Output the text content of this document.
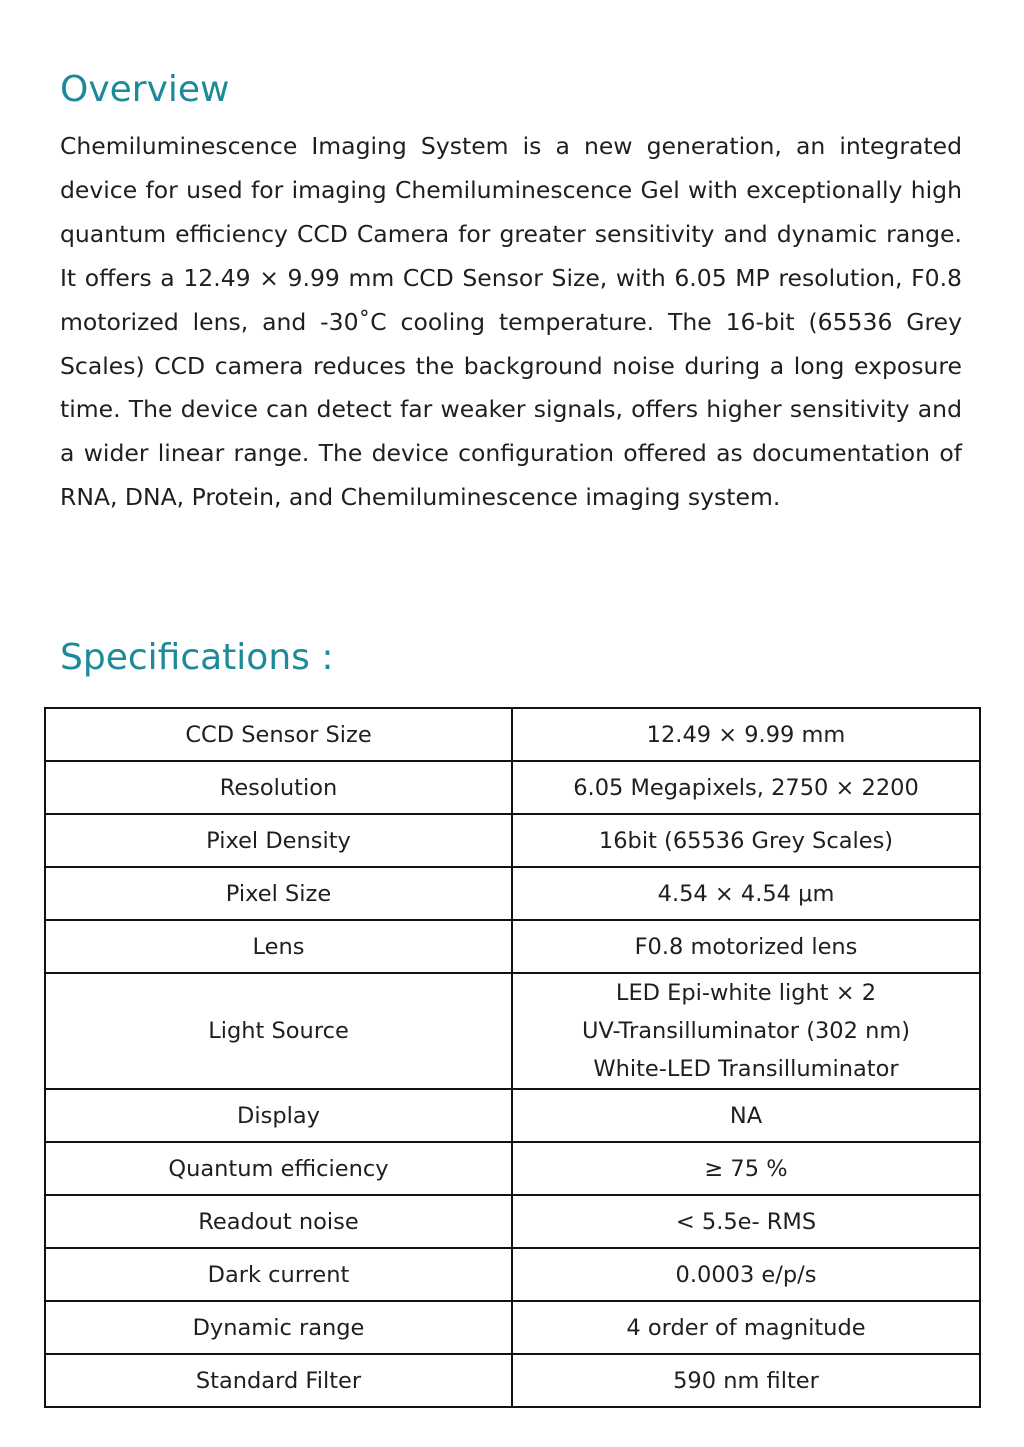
Overview

Chemiluminescence Imaging System is a new generation, an integrated device for used for imaging Chemiluminescence Gel with exceptionally high quantum efficiency CCD Camera for greater sensitivity and dynamic range. It offers a 12.49 × 9.99 mm CCD Sensor Size, with 6.05 MP resolution, F0.8 motorized lens, and -30˚C cooling temperature. The 16-bit (65536 Grey Scales) CCD camera reduces the background noise during a long exposure time. The device can detect far weaker signals, offers higher sensitivity and a wider linear range. The device configuration offered as documentation of RNA, DNA, Protein, and Chemiluminescence imaging system.

Specifications :
CCD Sensor Size	12.49 × 9.99 mm
Resolution	6.05 Megapixels, 2750 × 2200
Pixel Density	16bit (65536 Grey Scales)
Pixel Size	4.54 × 4.54 μm
Lens	F0.8 motorized lens
Light Source	LED Epi-white light × 2
UV-Transilluminator (302 nm)
White-LED Transilluminator

Display	NA
Quantum efficiency	≥ 75 %
Readout noise	< 5.5e- RMS
Dark current	0.0003 e/p/s
Dynamic range	4 order of magnitude
Standard Filter	590 nm filter
